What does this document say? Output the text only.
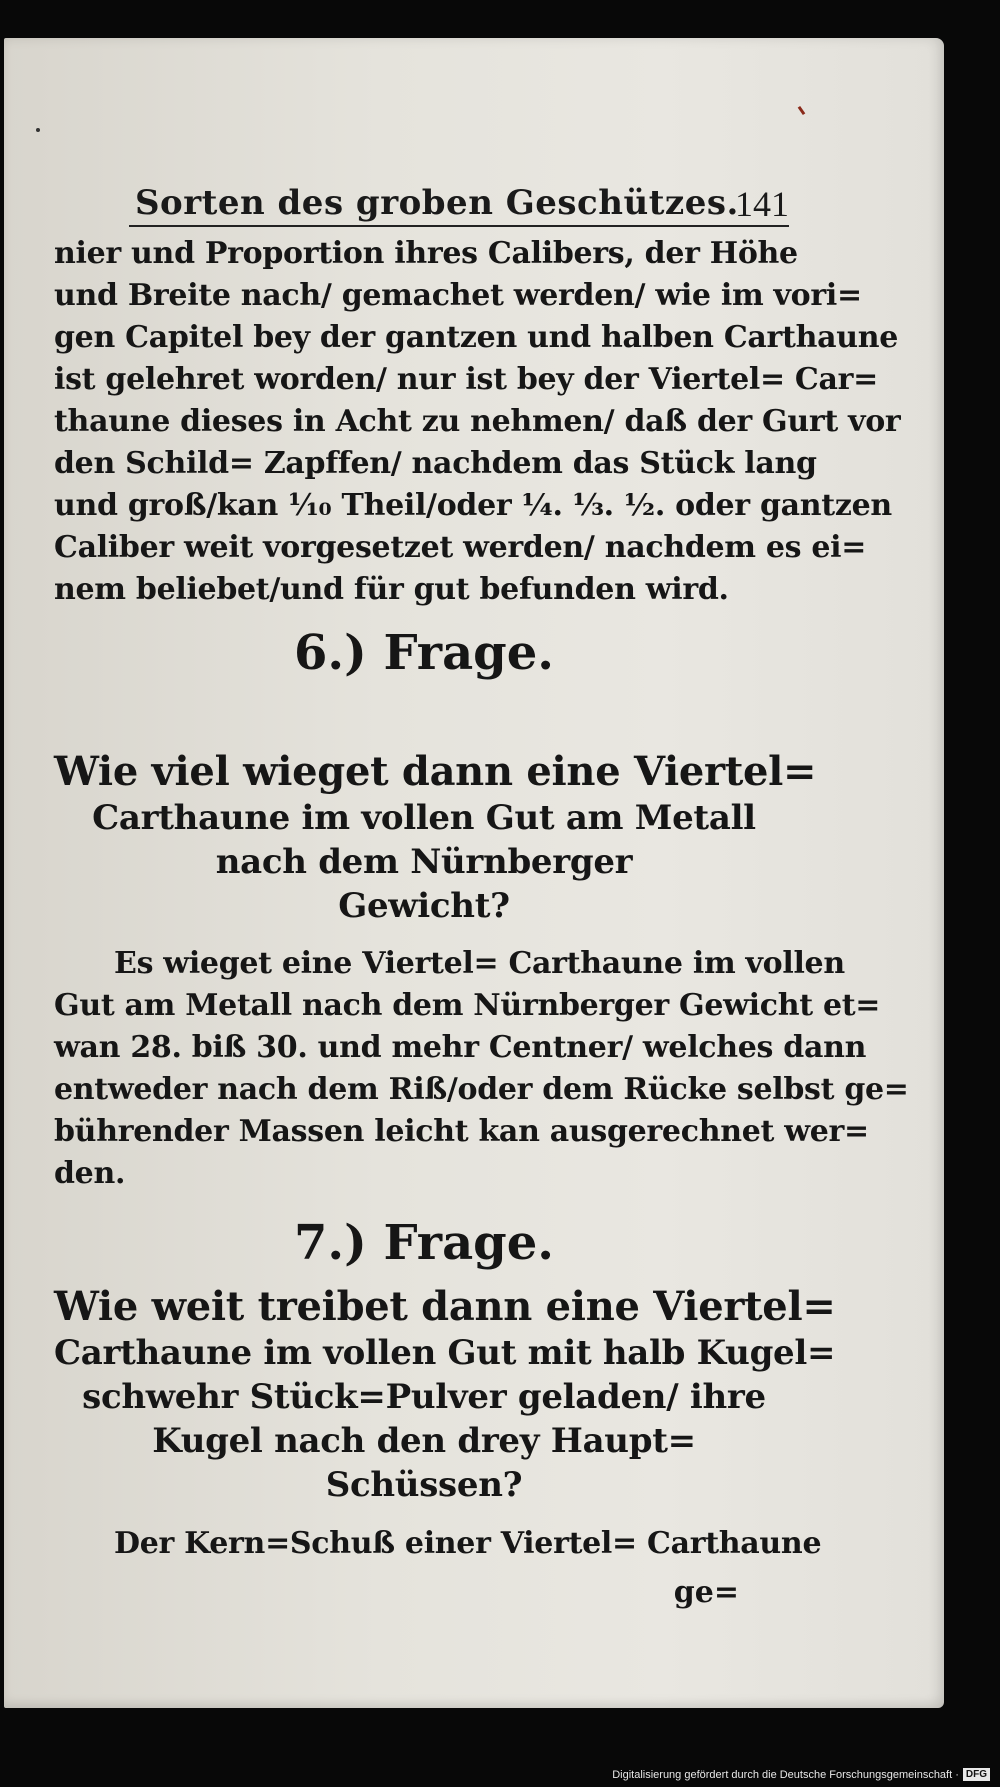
Sorten des groben Geschützes.
141
nier und Proportion ihres Calibers, der Höhe
und Breite nach/ gemachet werden/ wie im vori=
gen Capitel bey der gantzen und halben Carthaune
ist gelehret worden/ nur ist bey der Viertel= Car=
thaune dieses in Acht zu nehmen/ daß der Gurt vor
den Schild= Zapffen/ nachdem das Stück lang
und groß/kan ¹⁄₁₀ Theil/oder ¼. ⅓. ½. oder gantzen
Caliber weit vorgesetzet werden/ nachdem es ei=
nem beliebet/und für gut befunden wird.
6.) Frage.
Wie viel wieget dann eine Viertel=
Carthaune im vollen Gut am Metall
nach dem Nürnberger
Gewicht?
Es wieget eine Viertel= Carthaune im vollen
Gut am Metall nach dem Nürnberger Gewicht et=
wan 28. biß 30. und mehr Centner/ welches dann
entweder nach dem Riß/oder dem Rücke selbst ge=
bührender Massen leicht kan ausgerechnet wer=
den.
7.) Frage.
Wie weit treibet dann eine Viertel=
Carthaune im vollen Gut mit halb Kugel=
schwehr Stück=Pulver geladen/ ihre
Kugel nach den drey Haupt=
Schüssen?
Der Kern=Schuß einer Viertel= Carthaune
ge=
Digitalisierung gefördert durch die Deutsche Forschungsgemeinschaft · DFG
